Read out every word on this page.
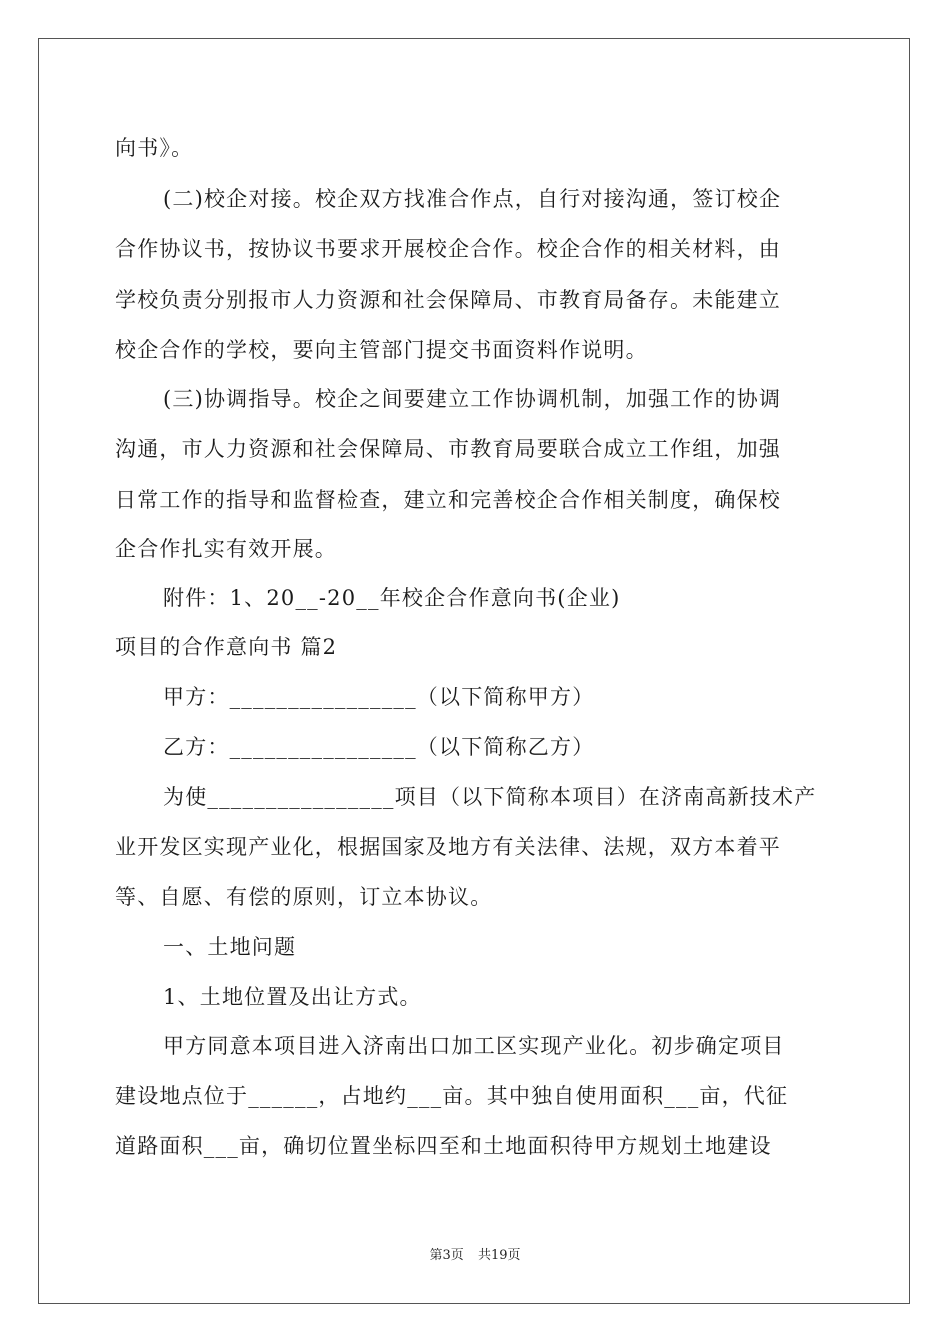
向书》。
(二)校企对接。校企双方找准合作点，自行对接沟通，签订校企
合作协议书，按协议书要求开展校企合作。校企合作的相关材料，由
学校负责分别报市人力资源和社会保障局、市教育局备存。未能建立
校企合作的学校，要向主管部门提交书面资料作说明。
(三)协调指导。校企之间要建立工作协调机制，加强工作的协调
沟通，市人力资源和社会保障局、市教育局要联合成立工作组，加强
日常工作的指导和监督检查，建立和完善校企合作相关制度，确保校
企合作扎实有效开展。
附件：1、20__-20__年校企合作意向书(企业)
项目的合作意向书 篇2
甲方：________________（以下简称甲方）
乙方：________________（以下简称乙方）
为使________________项目（以下简称本项目）在济南高新技术产
业开发区实现产业化，根据国家及地方有关法律、法规，双方本着平
等、自愿、有偿的原则，订立本协议。
一、土地问题
1、土地位置及出让方式。
甲方同意本项目进入济南出口加工区实现产业化。初步确定项目
建设地点位于______，占地约___亩。其中独自使用面积___亩，代征
道路面积___亩，确切位置坐标四至和土地面积待甲方规划土地建设
第3页 共19页
